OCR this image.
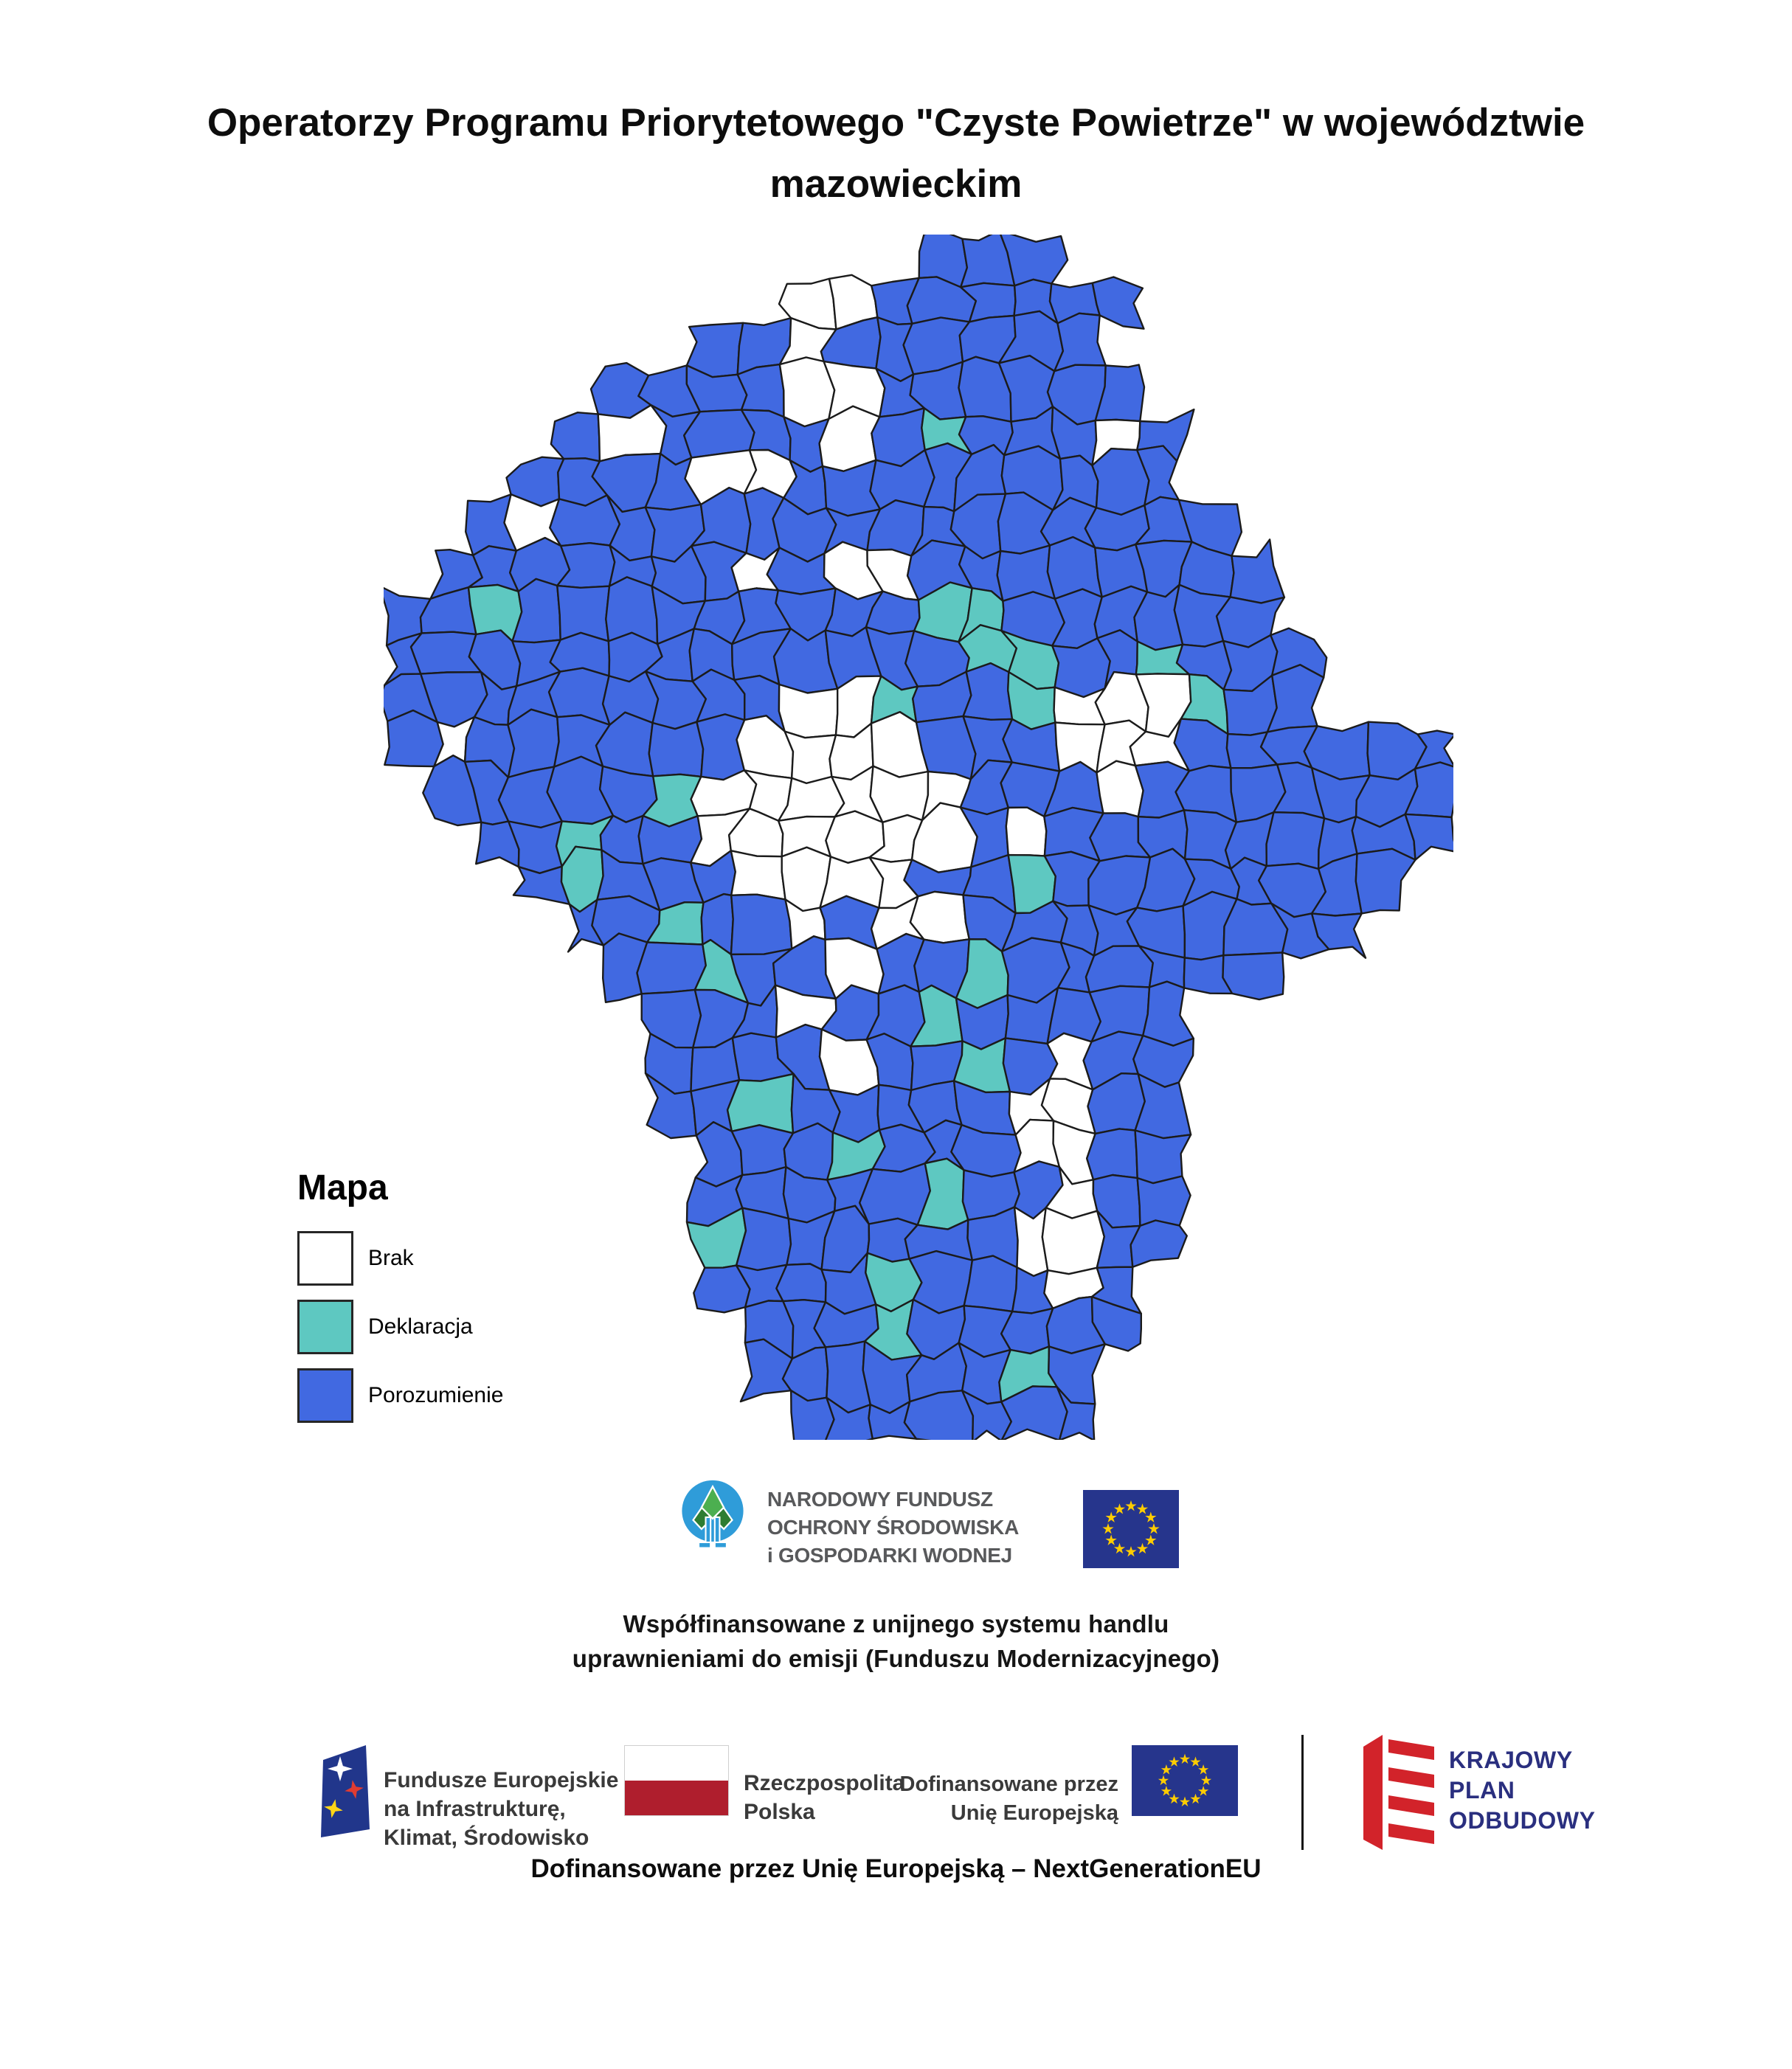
Operatorzy Programu Priorytetowego "Czyste Powietrze" w województwie
mazowieckim
Mapa
Brak
Deklaracja
Porozumienie
NARODOWY FUNDUSZ
OCHRONY ŚRODOWISKA
i GOSPODARKI WODNEJ
Współfinansowane z unijnego systemu handlu
uprawnieniami do emisji (Funduszu Modernizacyjnego)
Fundusze Europejskie
na Infrastrukturę,
Klimat, Środowisko
Rzeczpospolita
Polska
Dofinansowane przez
Unię Europejską
KRAJOWY
PLAN
ODBUDOWY
Dofinansowane przez Unię Europejską – NextGenerationEU
